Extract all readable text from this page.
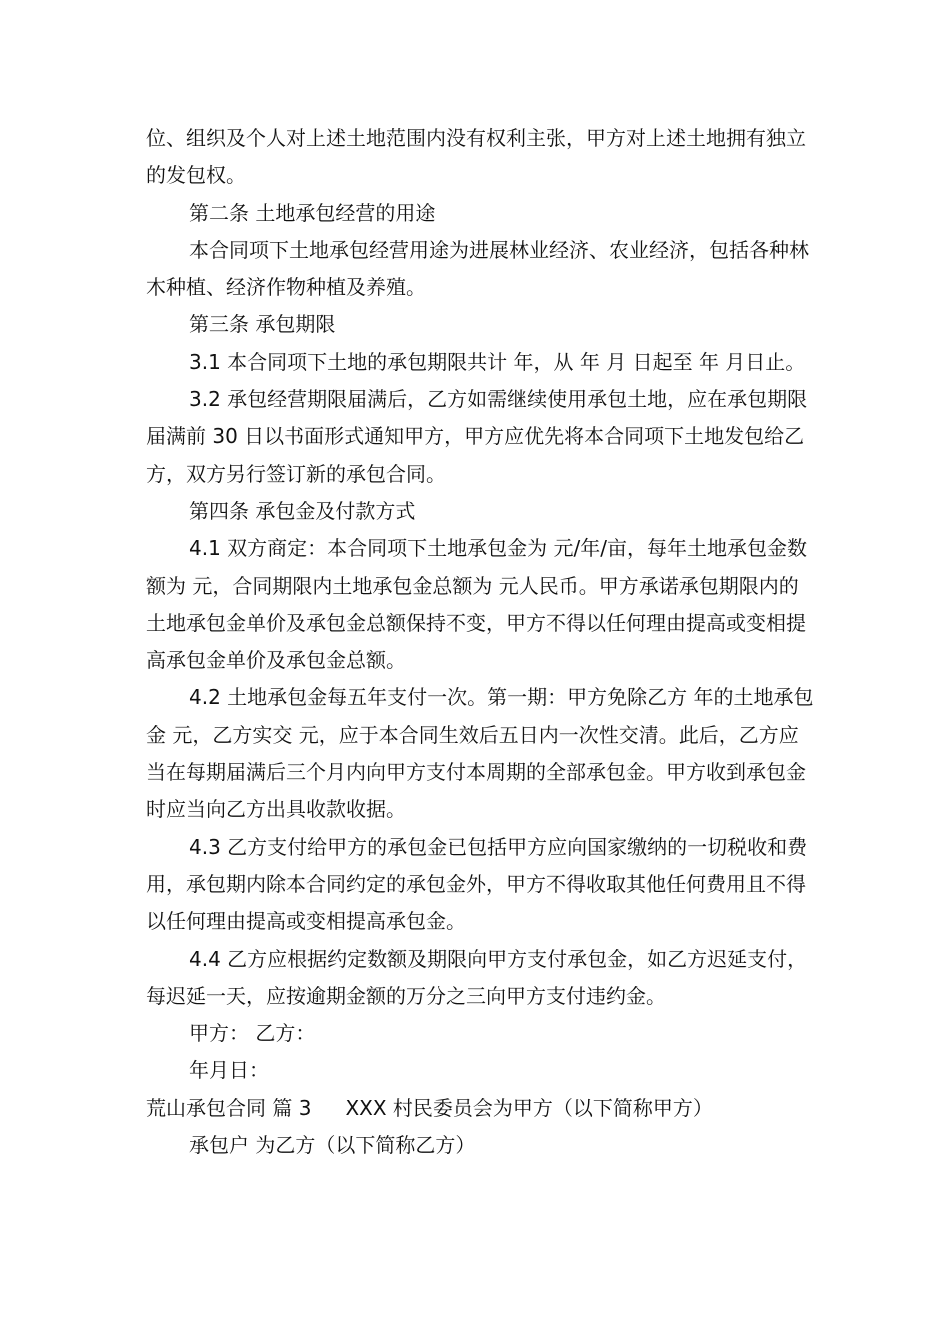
位、组织及个人对上述土地范围内没有权利主张，甲方对上述土地拥有独立的发包权。

第二条 土地承包经营的用途

本合同项下土地承包经营用途为进展林业经济、农业经济，包括各种林木种植、经济作物种植及养殖。

第三条 承包期限

3.1 本合同项下土地的承包期限共计 年，从 年 月 日起至 年 月日止。

3.2 承包经营期限届满后，乙方如需继续使用承包土地，应在承包期限届满前 30 日以书面形式通知甲方，甲方应优先将本合同项下土地发包给乙方，双方另行签订新的承包合同。

第四条 承包金及付款方式

4.1 双方商定：本合同项下土地承包金为 元/年/亩，每年土地承包金数额为 元，合同期限内土地承包金总额为 元人民币。甲方承诺承包期限内的土地承包金单价及承包金总额保持不变，甲方不得以任何理由提高或变相提高承包金单价及承包金总额。

4.2 土地承包金每五年支付一次。第一期：甲方免除乙方 年的土地承包金 元，乙方实交 元，应于本合同生效后五日内一次性交清。此后，乙方应当在每期届满后三个月内向甲方支付本周期的全部承包金。甲方收到承包金时应当向乙方出具收款收据。

4.3 乙方支付给甲方的承包金已包括甲方应向国家缴纳的一切税收和费用，承包期内除本合同约定的承包金外，甲方不得收取其他任何费用且不得以任何理由提高或变相提高承包金。

4.4 乙方应根据约定数额及期限向甲方支付承包金，如乙方迟延支付，每迟延一天，应按逾期金额的万分之三向甲方支付违约金。

甲方： 乙方：

年月日：

荒山承包合同 篇 3 XXX 村民委员会为甲方（以下简称甲方）

承包户 为乙方（以下简称乙方）
